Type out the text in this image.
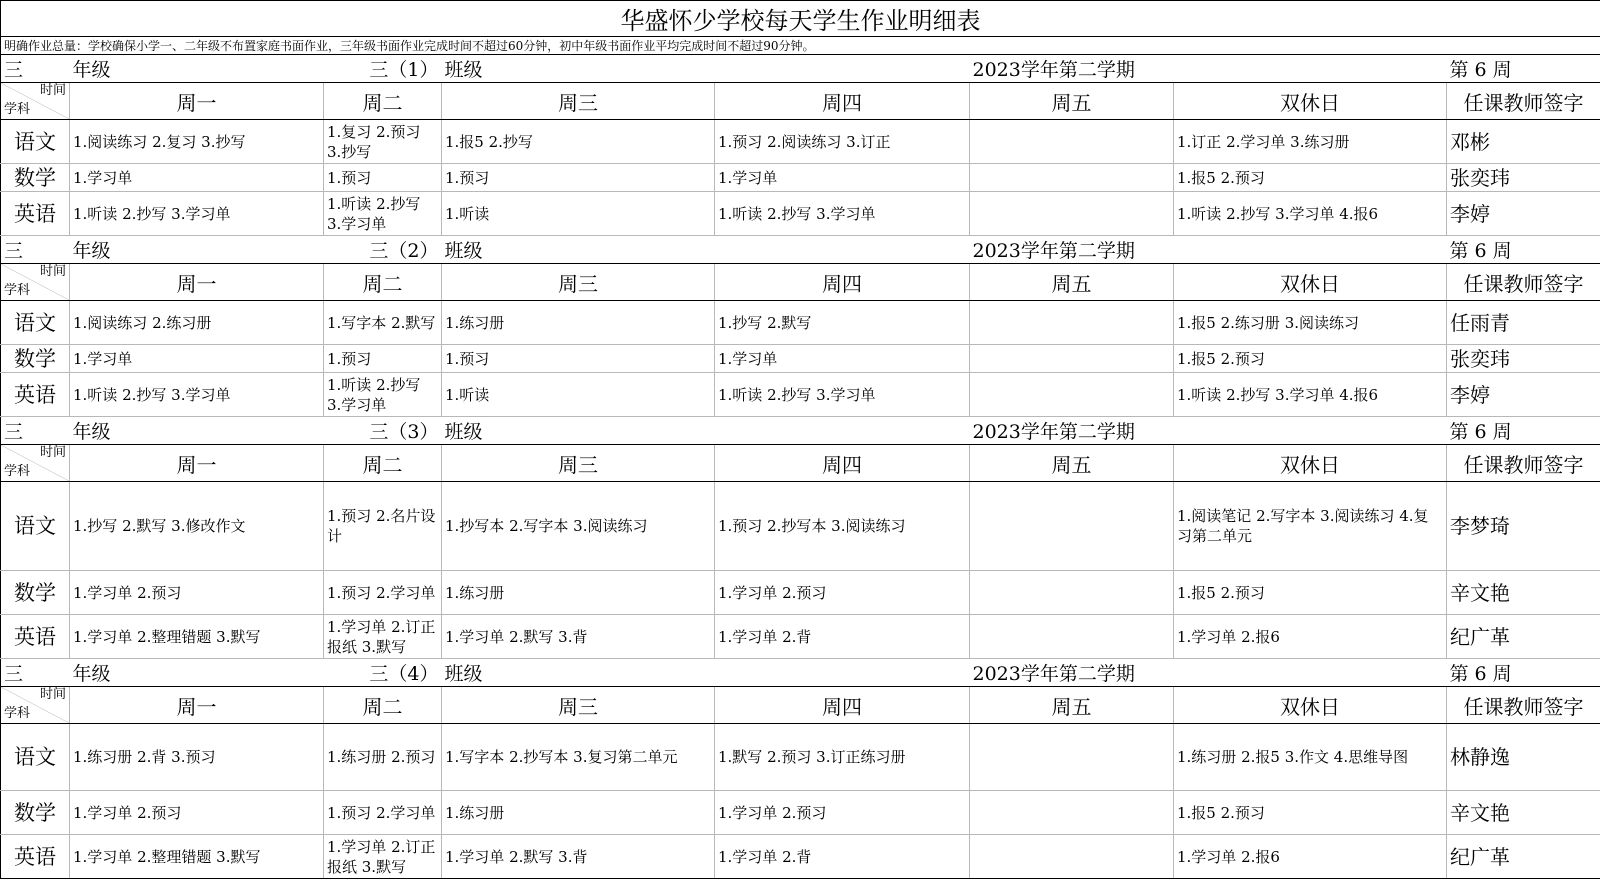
华盛怀少学校每天学生作业明细表							
明确作业总量：学校确保小学一、二年级不布置家庭书面作业，三年级书面作业完成时间不超过60分钟，初中年级书面作业平均完成时间不超过90分钟。							
三	年级	三（1）	班级		2023学年第二学期		第 6 周

时间
学科	周一	周二	周三	周四	周五	双休日	任课教师签字
语文	1.阅读练习 2.复习 3.抄写	1.复习 2.预习 3.抄写	1.报5 2.抄写	1.预习 2.阅读练习 3.订正		1.订正 2.学习单 3.练习册	邓彬
数学	1.学习单	1.预习	1.预习	1.学习单		1.报5 2.预习	张奕玮
英语	1.听读 2.抄写 3.学习单	1.听读 2.抄写 3.学习单	1.听读	1.听读 2.抄写 3.学习单		1.听读 2.抄写 3.学习单 4.报6	李婷
三	年级	三（2）	班级		2023学年第二学期		第 6 周

时间
学科	周一	周二	周三	周四	周五	双休日	任课教师签字
语文	1.阅读练习 2.练习册	1.写字本 2.默写	1.练习册	1.抄写 2.默写		1.报5 2.练习册 3.阅读练习	任雨青
数学	1.学习单	1.预习	1.预习	1.学习单		1.报5 2.预习	张奕玮
英语	1.听读 2.抄写 3.学习单	1.听读 2.抄写 3.学习单	1.听读	1.听读 2.抄写 3.学习单		1.听读 2.抄写 3.学习单 4.报6	李婷
三	年级	三（3）	班级		2023学年第二学期		第 6 周

时间
学科	周一	周二	周三	周四	周五	双休日	任课教师签字
语文	1.抄写 2.默写 3.修改作文	1.预习 2.名片设计	1.抄写本 2.写字本 3.阅读练习	1.预习 2.抄写本 3.阅读练习		1.阅读笔记 2.写字本 3.阅读练习 4.复习第二单元	李梦琦
数学	1.学习单 2.预习	1.预习 2.学习单	1.练习册	1.学习单 2.预习		1.报5 2.预习	辛文艳
英语	1.学习单 2.整理错题 3.默写	1.学习单 2.订正报纸 3.默写	1.学习单 2.默写 3.背	1.学习单 2.背		1.学习单 2.报6	纪广革
三	年级	三（4）	班级		2023学年第二学期		第 6 周

时间
学科	周一	周二	周三	周四	周五	双休日	任课教师签字
语文	1.练习册 2.背 3.预习	1.练习册 2.预习	1.写字本 2.抄写本 3.复习第二单元	1.默写 2.预习 3.订正练习册		1.练习册 2.报5 3.作文 4.思维导图	林静逸
数学	1.学习单 2.预习	1.预习 2.学习单	1.练习册	1.学习单 2.预习		1.报5 2.预习	辛文艳
英语	1.学习单 2.整理错题 3.默写	1.学习单 2.订正报纸 3.默写	1.学习单 2.默写 3.背	1.学习单 2.背		1.学习单 2.报6	纪广革
